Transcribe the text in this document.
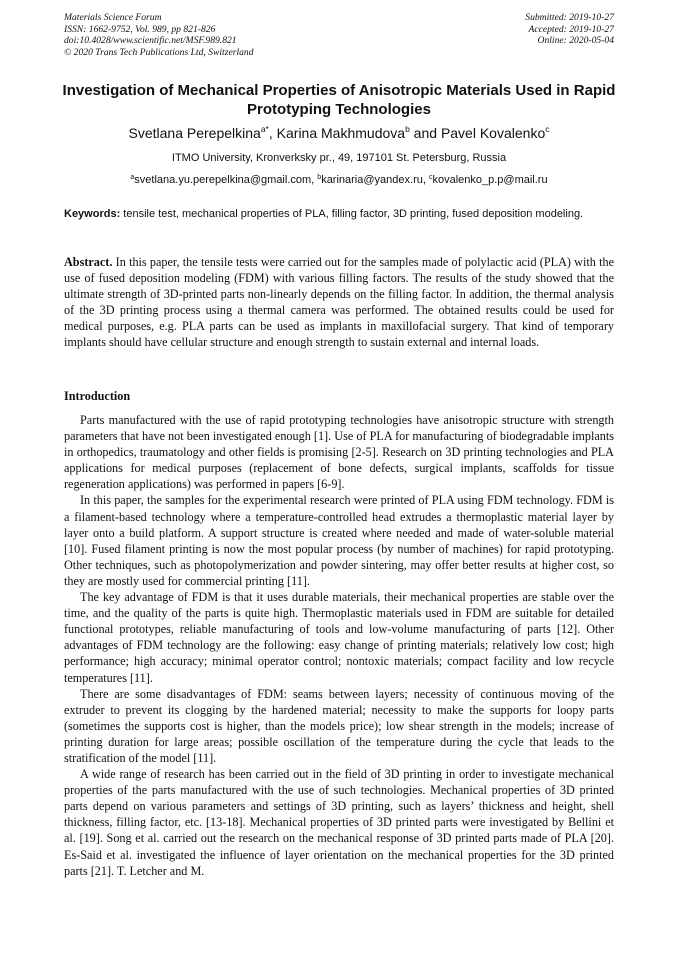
Materials Science Forum
ISSN: 1662-9752, Vol. 989, pp 821-826
doi:10.4028/www.scientific.net/MSF.989.821
© 2020 Trans Tech Publications Ltd, Switzerland
Submitted: 2019-10-27
Accepted: 2019-10-27
Online: 2020-05-04
Investigation of Mechanical Properties of Anisotropic Materials Used in Rapid Prototyping Technologies
Svetlana Perepelkina$^{a*}$, Karina Makhmudova$^b$ and Pavel Kovalenko$^c$
ITMO University, Kronverksky pr., 49, 197101 St. Petersburg, Russia
$^a$svetlana.yu.perepelkina@gmail.com, $^b$karinaria@yandex.ru, $^c$kovalenko_p.p@mail.ru

Keywords: tensile test, mechanical properties of PLA, filling factor, 3D printing, fused deposition modeling.

Abstract. In this paper, the tensile tests were carried out for the samples made of polylactic acid (PLA) with the use of fused deposition modeling (FDM) with various filling factors. The results of the study showed that the ultimate strength of 3D-printed parts non-linearly depends on the filling factor. In addition, the thermal analysis of the 3D printing process using a thermal camera was performed. The obtained results could be used for medical purposes, e.g. PLA parts can be used as implants in maxillofacial surgery. That kind of temporary implants should have cellular structure and enough strength to sustain external and internal loads.

Introduction

Parts manufactured with the use of rapid prototyping technologies have anisotropic structure with strength parameters that have not been investigated enough [1]. Use of PLA for manufacturing of biodegradable implants in orthopedics, traumatology and other fields is promising [2-5]. Research on 3D printing technologies and PLA applications for medical purposes (replacement of bone defects, surgical implants, scaffolds for tissue regeneration applications) was performed in papers [6-9].

In this paper, the samples for the experimental research were printed of PLA using FDM technology. FDM is a filament-based technology where a temperature-controlled head extrudes a thermoplastic material layer by layer onto a build platform. A support structure is created where needed and made of water-soluble material [10]. Fused filament printing is now the most popular process (by number of machines) for rapid prototyping. Other techniques, such as photopolymerization and powder sintering, may offer better results at higher cost, so they are mostly used for commercial printing [11].

The key advantage of FDM is that it uses durable materials, their mechanical properties are stable over the time, and the quality of the parts is quite high. Thermoplastic materials used in FDM are suitable for detailed functional prototypes, reliable manufacturing of tools and low-volume manufacturing of parts [12]. Other advantages of FDM technology are the following: easy change of printing materials; relatively low cost; high performance; high accuracy; minimal operator control; nontoxic materials; compact facility and low recycle temperatures [11].

There are some disadvantages of FDM: seams between layers; necessity of continuous moving of the extruder to prevent its clogging by the hardened material; necessity to make the supports for loopy parts (sometimes the supports cost is higher, than the models price); low shear strength in the models; increase of printing duration for large areas; possible oscillation of the temperature during the cycle that leads to the stratification of the model [11].

A wide range of research has been carried out in the field of 3D printing in order to investigate mechanical properties of the parts manufactured with the use of such technologies. Mechanical properties of 3D printed parts depend on various parameters and settings of 3D printing, such as layers’ thickness and height, shell thickness, filling factor, etc. [13-18]. Mechanical properties of 3D printed parts were investigated by Bellini et al. [19]. Song et al. carried out the research on the mechanical response of 3D printed parts made of PLA [20]. Es-Said et al. investigated the influence of layer orientation on the mechanical properties for the 3D printed parts [21]. T. Letcher and M.
